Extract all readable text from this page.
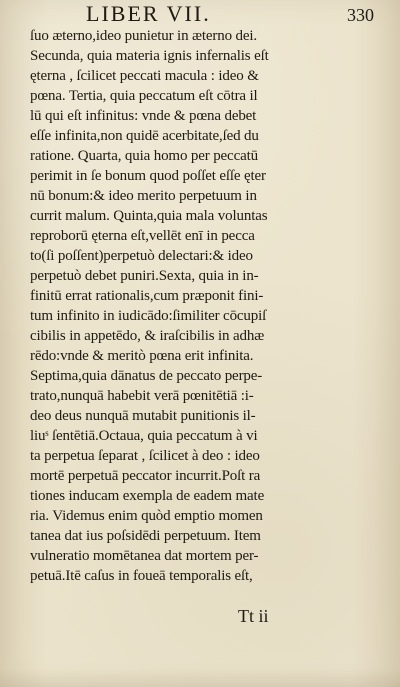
LIBER VII.	330
ſuo æterno,ideo punietur in æterno dei.
Secunda, quia materia ignis infernalis eſt
ęterna , ſcilicet peccati macula : ideo &
pœna. Tertia, quia peccatum eſt cōtra il
lū qui eſt infinitus: vnde & pœna debet
eſſe infinita,non quidē acerbitate,ſed du
ratione. Quarta, quia homo per peccatū
perimit in ſe bonum quod poſſet eſſe ęter
nū bonum:& ideo merito perpetuum in
currit malum. Quinta,quia mala voluntas
reproborū ęterna eſt,vellēt enī in pecca
to(ſi poſſent)perpetuò delectari:& ideo
perpetuò debet puniri.Sexta, quia in in-
finitū errat rationalis,cum præponit fini-
tum infinito in iudicādo:ſimiliter cōcupiſ
cibilis in appetēdo, & iraſcibilis in adhæ
rēdo:vnde & meritò pœna erit infinita.
Septima,quia dānatus de peccato perpe-
trato,nunquā habebit verā pœnitētiā :i-
deo deus nunquā mutabit punitionis il-
liuˢ ſentētiā.Octaua, quia peccatum à vi
ta perpetua ſeparat , ſcilicet à deo : ideo
mortē perpetuā peccator incurrit.Poſt ra
tiones inducam exempla de eadem mate
ria. Videmus enim quòd emptio momen
tanea dat ius poſsidēdi perpetuum. Item
vulneratio momētanea dat mortem per-
petuā.Itē caſus in foueā temporalis eſt,
Tt ii
